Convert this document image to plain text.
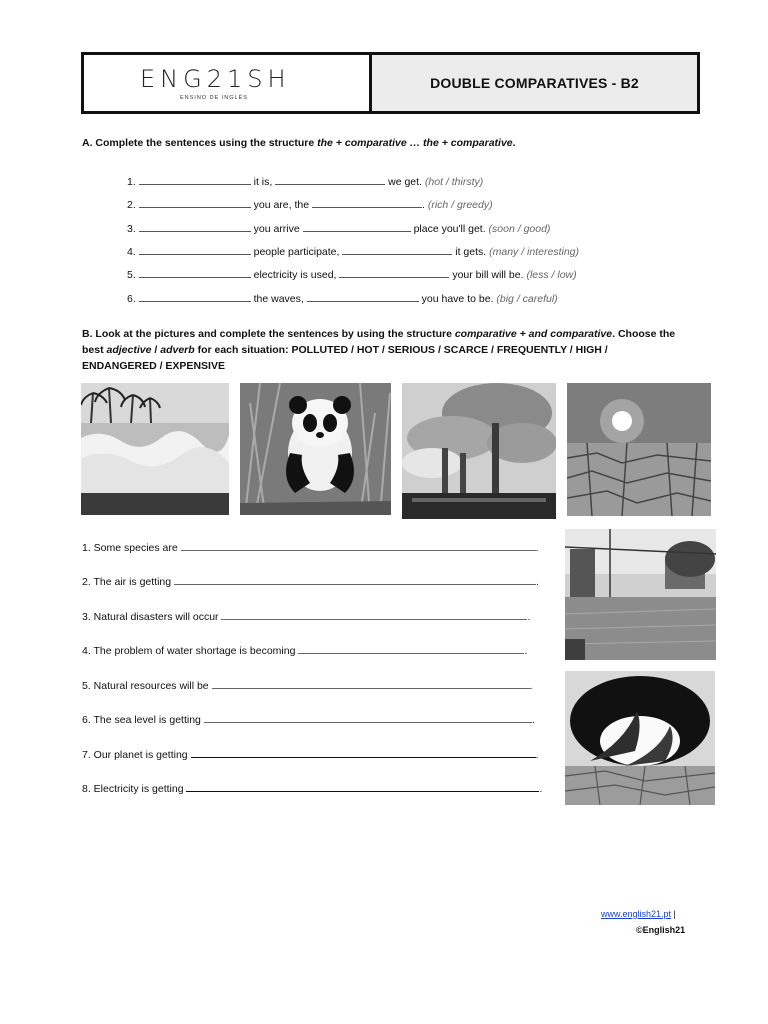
ENG21SH
ENSINO DE INGLÊS
DOUBLE COMPARATIVES - B2
A. Complete the sentences using the structure the + comparative … the + comparative.
1.	it is,	we get. (hot / thirsty)
2.	you are, the	. (rich / greedy)
3.	you arrive	place you'll get. (soon / good)
4.	people participate,	it gets. (many / interesting)
5.	electricity is used,	your bill will be. (less / low)
6.	the waves,	you have to be. (big / careful)
B. Look at the pictures and complete the sentences by using the structure comparative + and comparative. Choose the best adjective / adverb for each situation: POLLUTED / HOT / SERIOUS / SCARCE / FREQUENTLY / HIGH / ENDANGERED / EXPENSIVE
1. Some species are	.
2. The air is getting	.
3. Natural disasters will occur	.
4. The problem of water shortage is becoming	.
5. Natural resources will be	.
6. The sea level is getting	.
7. Our planet is getting	.
8. Electricity is getting	.
www.english21.pt |
©English21
